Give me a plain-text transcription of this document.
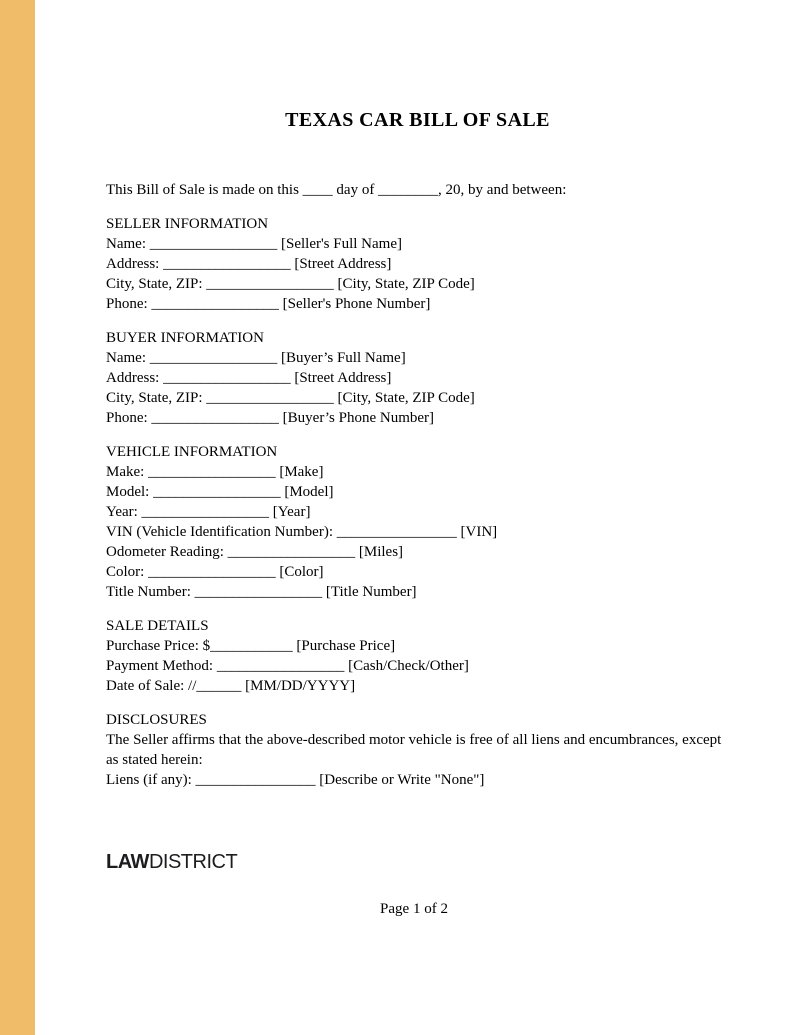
TEXAS CAR BILL OF SALE

This Bill of Sale is made on this ____ day of ________, 20, by and between:

SELLER INFORMATION
Name: _________________ [Seller's Full Name]
Address: _________________ [Street Address]
City, State, ZIP: _________________ [City, State, ZIP Code]
Phone: _________________ [Seller's Phone Number]
BUYER INFORMATION
Name: _________________ [Buyer’s Full Name]
Address: _________________ [Street Address]
City, State, ZIP: _________________ [City, State, ZIP Code]
Phone: _________________ [Buyer’s Phone Number]
VEHICLE INFORMATION
Make: _________________ [Make]
Model: _________________ [Model]
Year: _________________ [Year]
VIN (Vehicle Identification Number): ________________ [VIN]
Odometer Reading: _________________ [Miles]
Color: _________________ [Color]
Title Number: _________________ [Title Number]
SALE DETAILS
Purchase Price: $___________ [Purchase Price]
Payment Method: _________________ [Cash/Check/Other]
Date of Sale: //______ [MM/DD/YYYY]
DISCLOSURES
The Seller affirms that the above-described motor vehicle is free of all liens and encumbrances, except as stated herein:
Liens (if any): ________________ [Describe or Write "None"]
LAWDISTRICT
Page 1 of 2
